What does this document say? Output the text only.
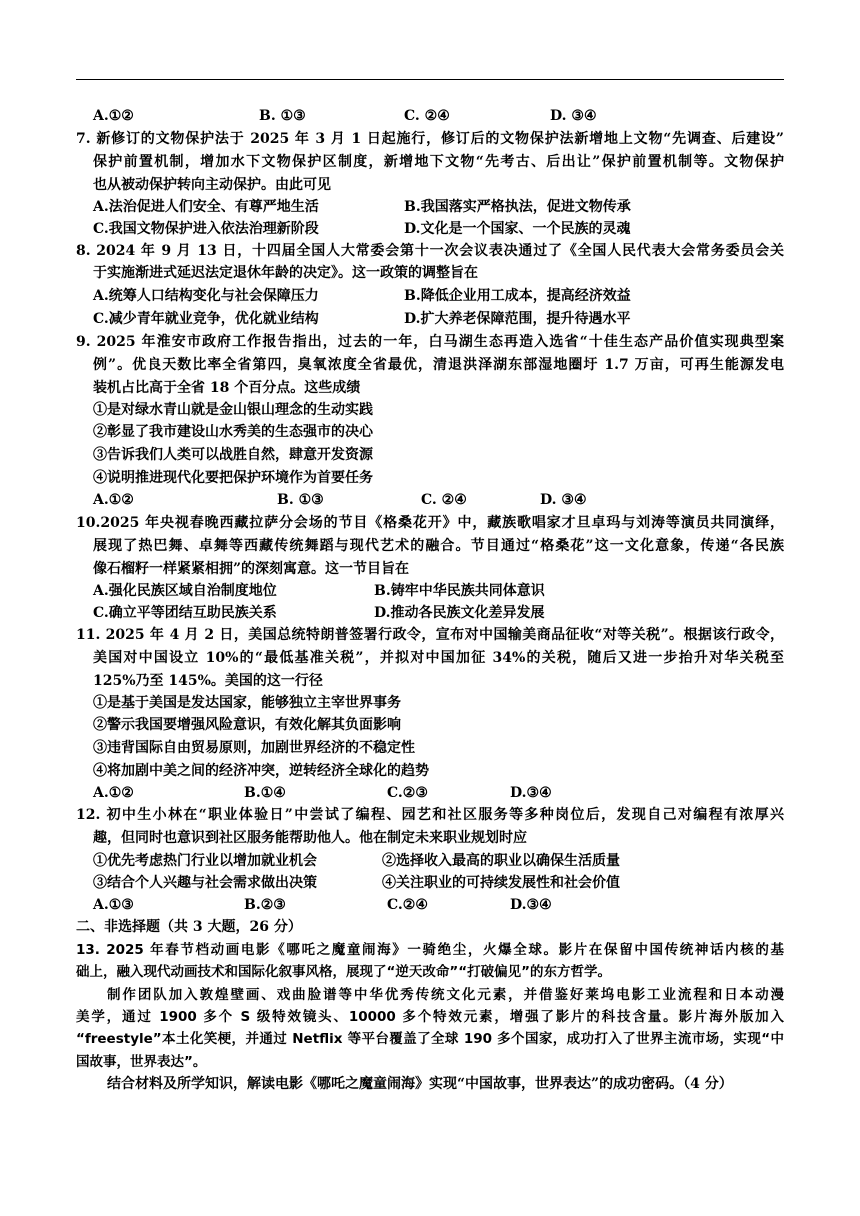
A.①②	B. ①③	C. ②④	D. ③④
7. 新修订的文物保护法于 2025 年 3 月 1 日起施行，修订后的文物保护法新增地上文物“先调查、后建设”
保护前置机制，增加水下文物保护区制度，新增地下文物“先考古、后出让”保护前置机制等。文物保护
也从被动保护转向主动保护。由此可见
A.法治促进人们安全、有尊严地生活	B.我国落实严格执法，促进文物传承
C.我国文物保护进入依法治理新阶段	D.文化是一个国家、一个民族的灵魂
8. 2024 年 9 月 13 日，十四届全国人大常委会第十一次会议表决通过了《全国人民代表大会常务委员会关
于实施渐进式延迟法定退休年龄的决定》。这一政策的调整旨在
A.统筹人口结构变化与社会保障压力	B.降低企业用工成本，提高经济效益
C.减少青年就业竞争，优化就业结构	D.扩大养老保障范围，提升待遇水平
9. 2025 年淮安市政府工作报告指出，过去的一年，白马湖生态再造入选省“十佳生态产品价值实现典型案
例”。优良天数比率全省第四，臭氧浓度全省最优，清退洪泽湖东部湿地圈圩 1.7 万亩，可再生能源发电
装机占比高于全省 18 个百分点。这些成绩
①是对绿水青山就是金山银山理念的生动实践
②彰显了我市建设山水秀美的生态强市的决心
③告诉我们人类可以战胜自然，肆意开发资源
④说明推进现代化要把保护环境作为首要任务
A.①②	B. ①③	C. ②④	D. ③④
10.2025 年央视春晚西藏拉萨分会场的节目《格桑花开》中，藏族歌唱家才旦卓玛与刘涛等演员共同演绎，
展现了热巴舞、卓舞等西藏传统舞蹈与现代艺术的融合。节目通过“格桑花”这一文化意象，传递“各民族
像石榴籽一样紧紧相拥”的深刻寓意。这一节目旨在
A.强化民族区域自治制度地位	B.铸牢中华民族共同体意识
C.确立平等团结互助民族关系	D.推动各民族文化差异发展
11. 2025 年 4 月 2 日，美国总统特朗普签署行政令，宣布对中国输美商品征收“对等关税”。根据该行政令，
美国对中国设立 10%的“最低基准关税”，并拟对中国加征 34%的关税，随后又进一步抬升对华关税至
125%乃至 145%。美国的这一行径
①是基于美国是发达国家，能够独立主宰世界事务
②警示我国要增强风险意识，有效化解其负面影响
③违背国际自由贸易原则，加剧世界经济的不稳定性
④将加剧中美之间的经济冲突，逆转经济全球化的趋势
A.①②	B.①④	C.②③	D.③④
12. 初中生小林在“职业体验日”中尝试了编程、园艺和社区服务等多种岗位后，发现自己对编程有浓厚兴
趣，但同时也意识到社区服务能帮助他人。他在制定未来职业规划时应
①优先考虑热门行业以增加就业机会	②选择收入最高的职业以确保生活质量
③结合个人兴趣与社会需求做出决策	④关注职业的可持续发展性和社会价值
A.①③	B.②③	C.②④	D.③④
二、非选择题（共 3 大题，26 分）
13. 2025 年春节档动画电影《哪吒之魔童闹海》一骑绝尘，火爆全球。影片在保留中国传统神话内核的基
础上，融入现代动画技术和国际化叙事风格，展现了“逆天改命”“打破偏见”的东方哲学。
制作团队加入敦煌壁画、戏曲脸谱等中华优秀传统文化元素，并借鉴好莱坞电影工业流程和日本动漫
美学，通过 1900 多个 S 级特效镜头、10000 多个特效元素，增强了影片的科技含量。影片海外版加入
“freestyle”本土化笑梗，并通过 Netflix 等平台覆盖了全球 190 多个国家，成功打入了世界主流市场，实现“中
国故事，世界表达”。
结合材料及所学知识，解读电影《哪吒之魔童闹海》实现“中国故事，世界表达”的成功密码。（4 分）
